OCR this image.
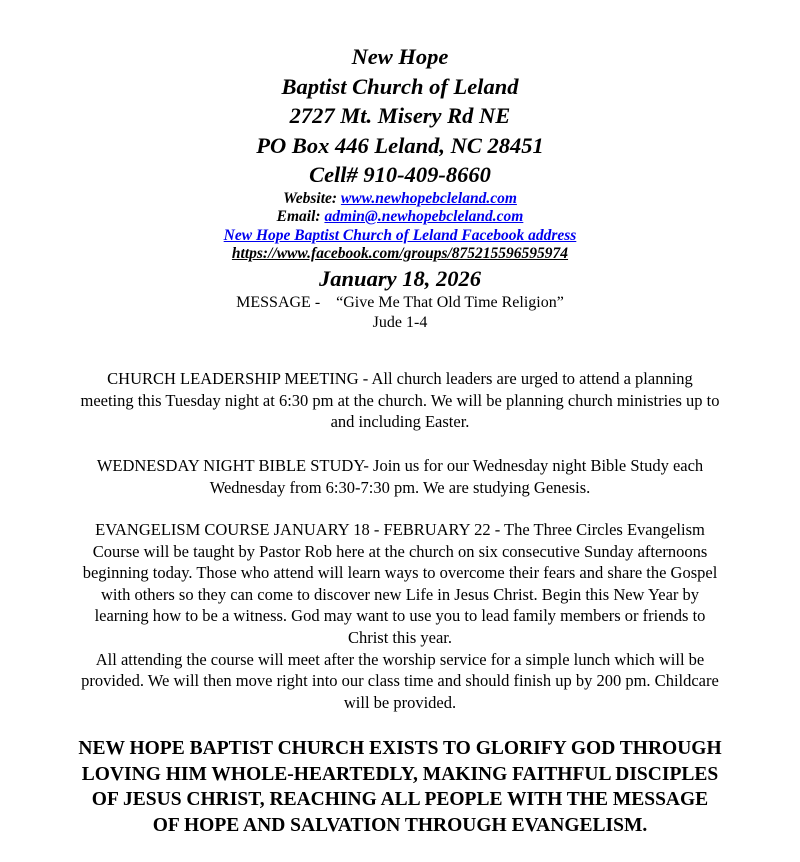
New Hope
Baptist Church of Leland
2727 Mt. Misery Rd NE
PO Box 446 Leland, NC 28451
Cell# 910-409-8660
Website: www.newhopebcleland.com
Email: admin@.newhopebcleland.com
New Hope Baptist Church of Leland Facebook address
https://www.facebook.com/groups/875215596595974
January 18, 2026
MESSAGE -    “Give Me That Old Time Religion”
Jude 1-4
CHURCH LEADERSHIP MEETING - All church leaders are urged to attend a planning
meeting this Tuesday night at 6:30 pm at the church. We will be planning church ministries up to
and including Easter.
WEDNESDAY NIGHT BIBLE STUDY- Join us for our Wednesday night Bible Study each
Wednesday from 6:30-7:30 pm. We are studying Genesis.
EVANGELISM COURSE JANUARY 18 - FEBRUARY 22 - The Three Circles Evangelism
Course will be taught by Pastor Rob here at the church on six consecutive Sunday afternoons
beginning today. Those who attend will learn ways to overcome their fears and share the Gospel
with others so they can come to discover new Life in Jesus Christ. Begin this New Year by
learning how to be a witness. God may want to use you to lead family members or friends to
Christ this year.
All attending the course will meet after the worship service for a simple lunch which will be
provided. We will then move right into our class time and should finish up by 200 pm. Childcare
will be provided.
NEW HOPE BAPTIST CHURCH EXISTS TO GLORIFY GOD THROUGH
LOVING HIM WHOLE-HEARTEDLY, MAKING FAITHFUL DISCIPLES
OF JESUS CHRIST, REACHING ALL PEOPLE WITH THE MESSAGE
OF HOPE AND SALVATION THROUGH EVANGELISM.
